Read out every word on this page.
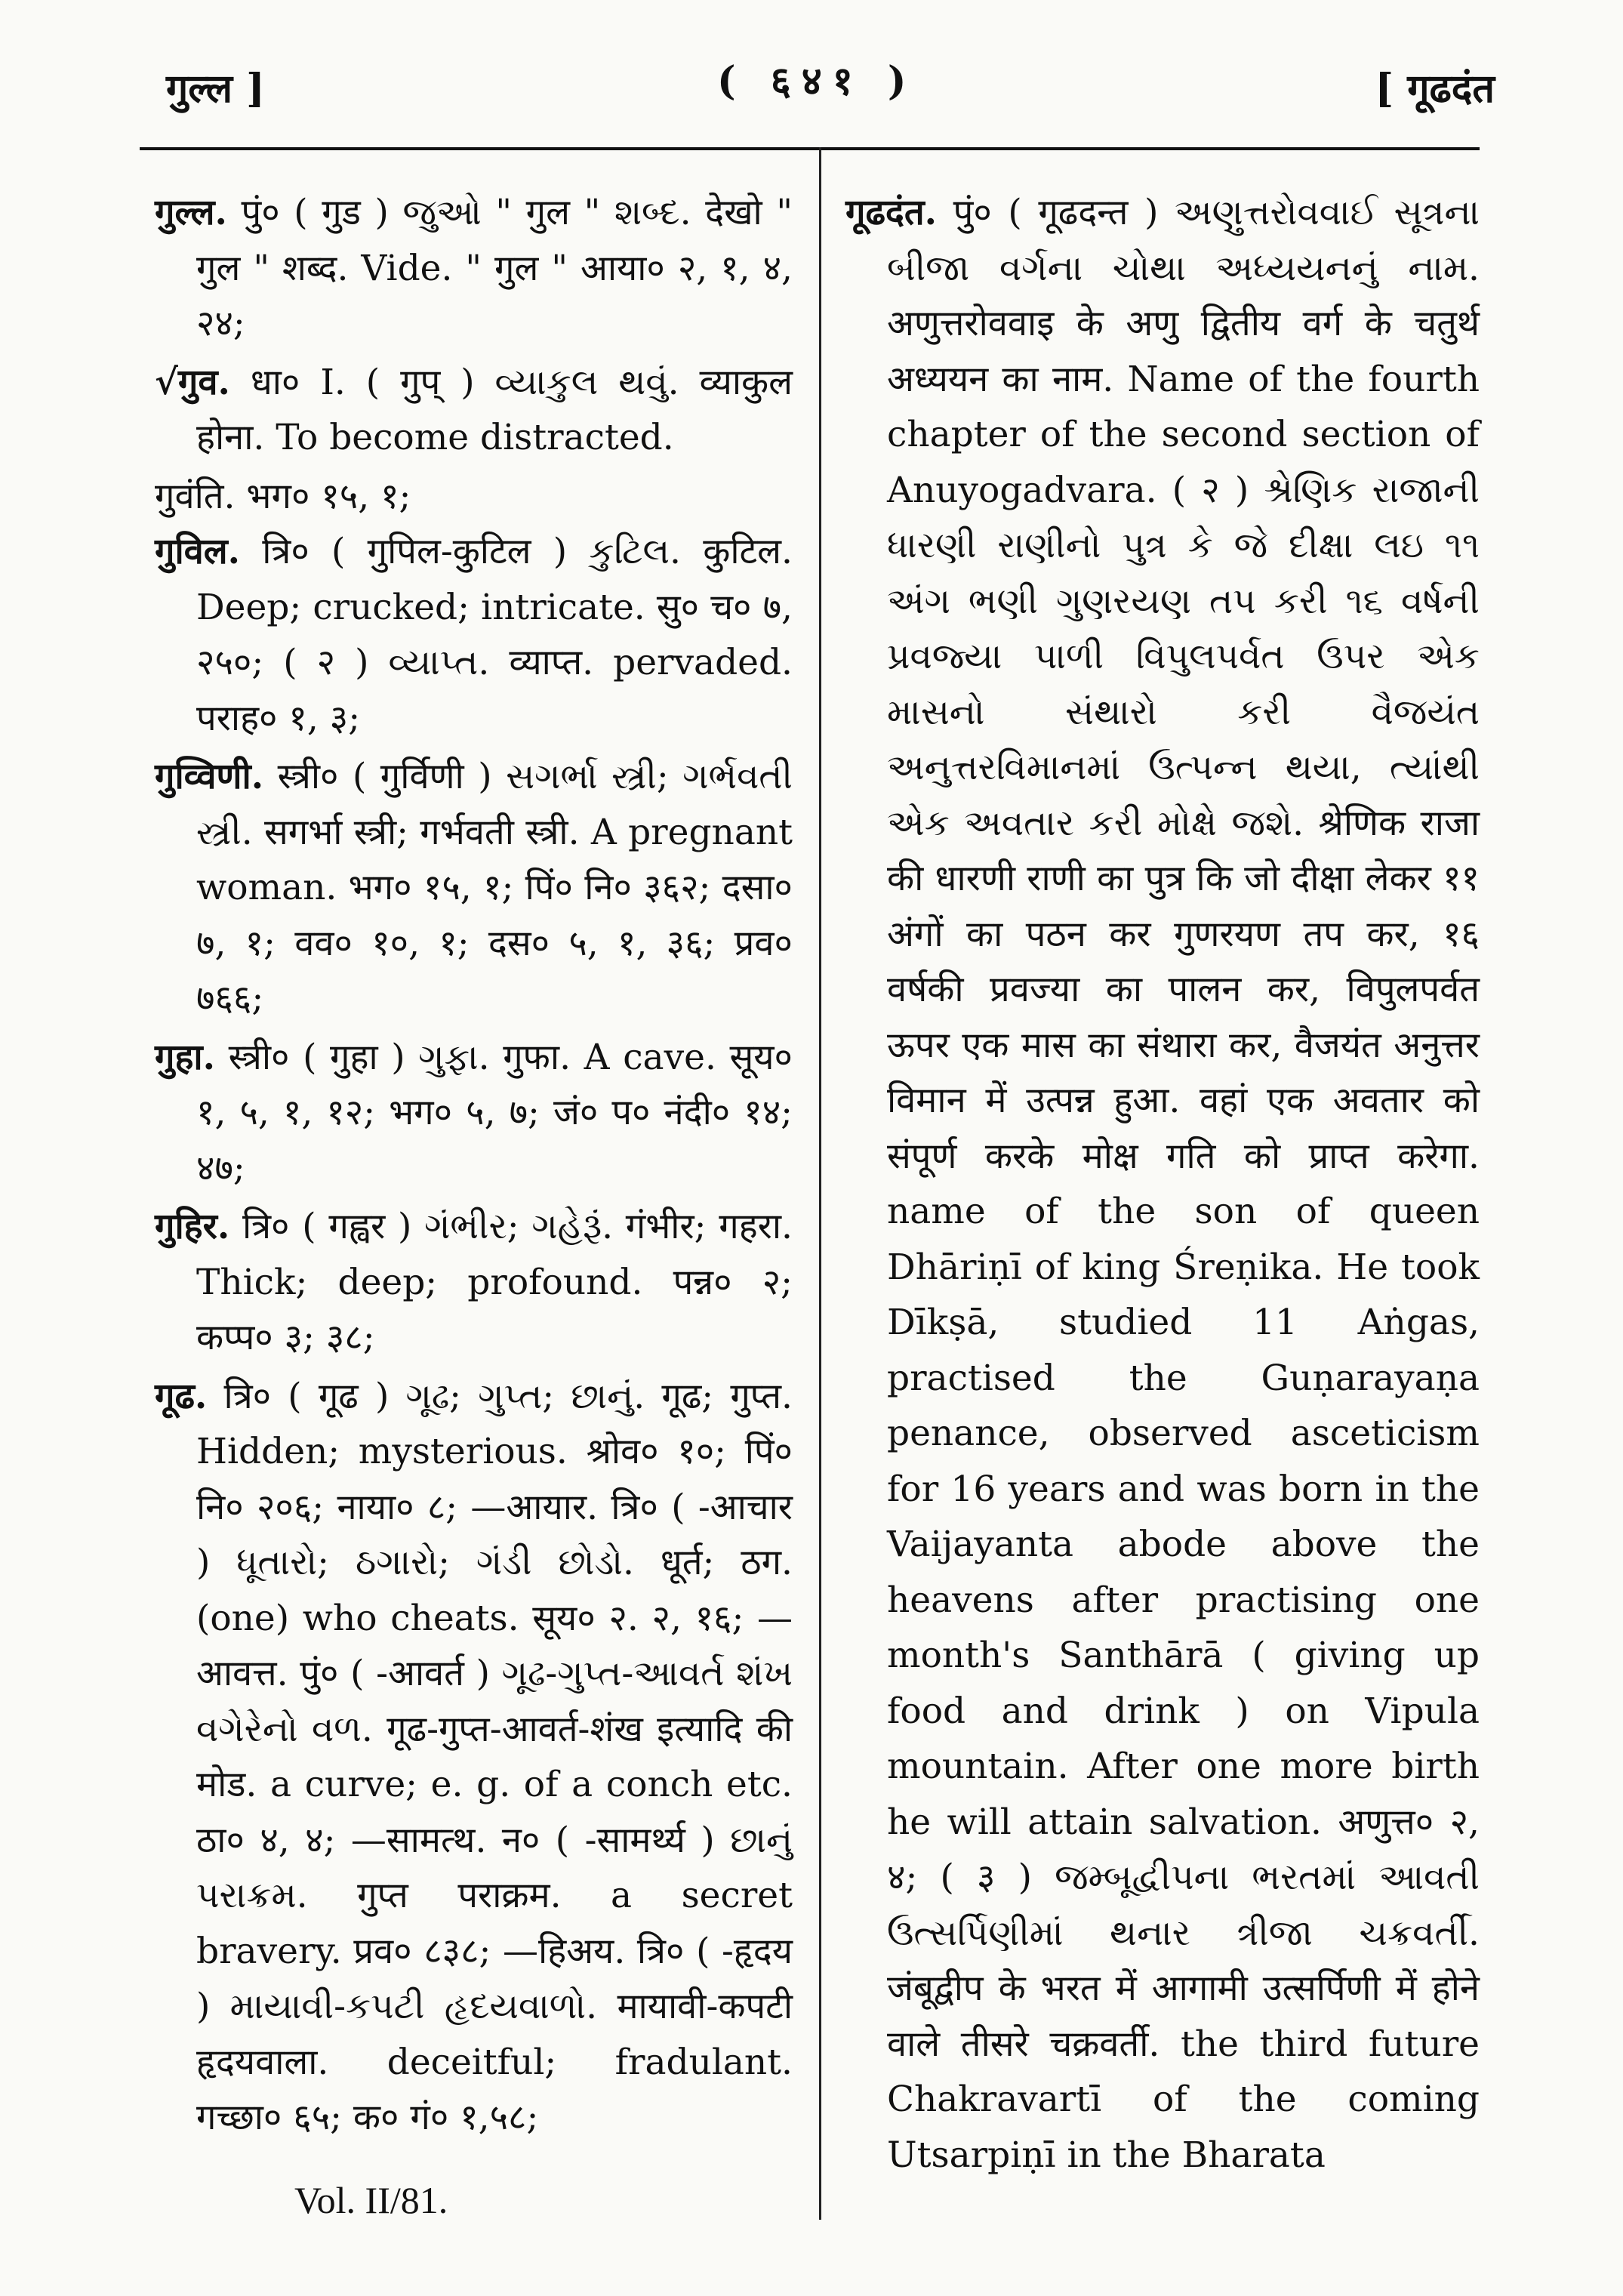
गुल्ल ]	( ६४१ )	[ गूढदंत

गुल्ल. पुं० ( गुड ) જુઓ " गुल " શબ્દ. देखो " गुल " शब्द. Vide. " गुल " आया० २, १, ४, २४;

√गुव. धा० I. ( गुप् ) વ્યાકુલ થવું. व्याकुल होना. To become distracted.

गुवंति. भग० १५, १;

गुविल. त्रि० ( गुपिल-कुटिल ) કુટિલ. कुटिल. Deep; crucked; intricate. सु० च० ७, २५०; ( २ ) વ્યાપ્ત. व्याप्त. pervaded. पराह० १, ३;

गुव्विणी. स्त्री० ( गुर्विणी ) સગર્ભા સ્ત્રી; ગર્ભવતી સ્ત્રી. सगर्भा स्त्री; गर्भवती स्त्री. A pregnant woman. भग० १५, १; पिं० नि० ३६२; दसा० ७, १; वव० १०, १; दस० ५, १, ३६; प्रव० ७६६;

गुहा. स्त्री० ( गुहा ) ગુફા. गुफा. A cave. सूय० १, ५, १, १२; भग० ५, ७; जं० प० नंदी० १४; ४७;

गुहिर. त्रि० ( गह्वर ) ગંભીર; ગહેરૂં. गंभीर; गहरा. Thick; deep; profound. पन्न० २; कप्प० ३; ३८;

गूढ. त्रि० ( गूढ ) ગૂઢ; ગુપ્ત; છાનું. गूढ; गुप्त. Hidden; mysterious. श्रोव० १०; पिं० नि० २०६; नाया० ८; —आयार. त्रि० ( -आचार ) ધૂતારો; ઠગારો; ગંડી છોડો. धूर्त; ठग. (one) who cheats. सूय० २. २, १६; —आवत्त. पुं० ( -आवर्त ) ગૂઢ-ગુપ્ત-આવર્ત શંખ વગેરેનો વળ. गूढ-गुप्त-आवर्त-शंख इत्यादि की मोड. a curve; e. g. of a conch etc. ठा० ४, ४; —सामत्थ. न० ( -सामर्थ्य ) છાનું પરાક્રમ. गुप्त पराक्रम. a secret bravery. प्रव० ८३८; —हिअय. त्रि० ( -हृदय ) માયાવી-કપટી હૃદયવાળો. मायावी-कपटी हृदयवाला. deceitful; fradulant. गच्छा० ६५; क० गं० १,५८;

गूढदंत. पुं० ( गूढदन्त ) અણુત્તરોવવાઈ સૂત્રના બીજા વર્ગના ચોથા અધ્યયનનું નામ. अणुत्तरोववाइ के अणु द्वितीय वर्ग के चतुर्थ अध्ययन का नाम. Name of the fourth chapter of the second section of Anuyogadvara. ( २ ) શ્રેણિક રાજાની ધારણી રાણીનો પુત્ર કે જે દીક્ષા લઇ ૧૧ અંગ ભણી ગુણરયણ તપ કરી ૧૬ વર્ષની પ્રવજ્યા પાળી વિપુલપર્વત ઉપર એક માસનો સંથારો કરી વૈજયંત અનુત્તરવિમાનમાં ઉત્પન્ન થયા, ત્યાંથી એક અવતાર કરી મોક્ષે જશે. श्रेणिक राजा की धारणी राणी का पुत्र कि जो दीक्षा लेकर ११ अंगों का पठन कर गुणरयण तप कर, १६ वर्षकी प्रवज्या का पालन कर, विपुलपर्वत ऊपर एक मास का संथारा कर, वैजयंत अनुत्तर विमान में उत्पन्न हुआ. वहां एक अवतार को संपूर्ण करके मोक्ष गति को प्राप्त करेगा. name of the son of queen Dhāriṇī of king Śreṇika. He took Dīkṣā, studied 11 Aṅgas, practised the Guṇarayaṇa penance, observed asceticism for 16 years and was born in the Vaijayanta abode above the heavens after practising one month's Santhārā ( giving up food and drink ) on Vipula mountain. After one more birth he will attain salvation. अणुत्त० २, ४; ( ३ ) જમ્બૂદ્વીપના ભરતમાં આવતી ઉત્સર્પિણીમાં થનાર ત્રીજા ચક્રવર્તી. जंबूद्वीप के भरत में आगामी उत्सर्पिणी में होने वाले तीसरे चक्रवर्ती. the third future Chakravartī of the coming Utsarpiṇī in the Bharata

Vol. II/81.
